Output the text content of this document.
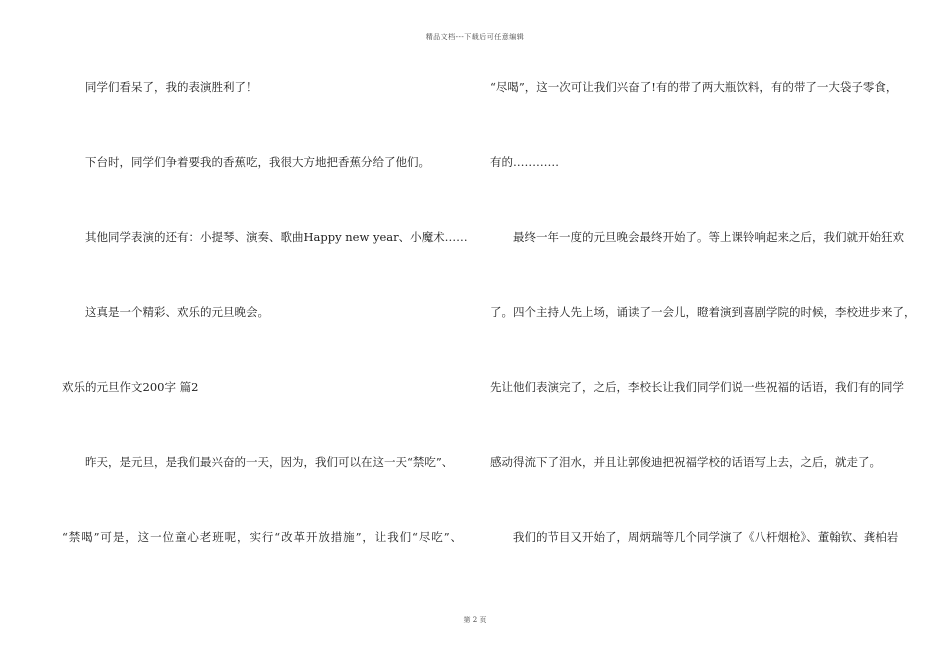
精品文档---下载后可任意编辑
同学们看呆了，我的表演胜利了！
下台时，同学们争着要我的香蕉吃，我很大方地把香蕉分给了他们。
其他同学表演的还有：小提琴、演奏、歌曲Happy new year、小魔术……
这真是一个精彩、欢乐的元旦晚会。
欢乐的元旦作文200字 篇2
昨天，是元旦，是我们最兴奋的一天，因为，我们可以在这一天“禁吃”、
“禁喝”可是，这一位童心老班呢，实行“改革开放措施”，让我们“尽吃”、
“尽喝”，这一次可让我们兴奋了!有的带了两大瓶饮料，有的带了一大袋子零食，
有的…………
最终一年一度的元旦晚会最终开始了。等上课铃响起来之后，我们就开始狂欢
了。四个主持人先上场，诵读了一会儿，瞪着演到喜剧学院的时候，李校进步来了，
先让他们表演完了，之后，李校长让我们同学们说一些祝福的话语，我们有的同学
感动得流下了泪水，并且让郭俊迪把祝福学校的话语写上去，之后，就走了。
我们的节目又开始了，周炳瑞等几个同学演了《八杆烟枪》、董翰钦、龚柏岩
第 2 页
